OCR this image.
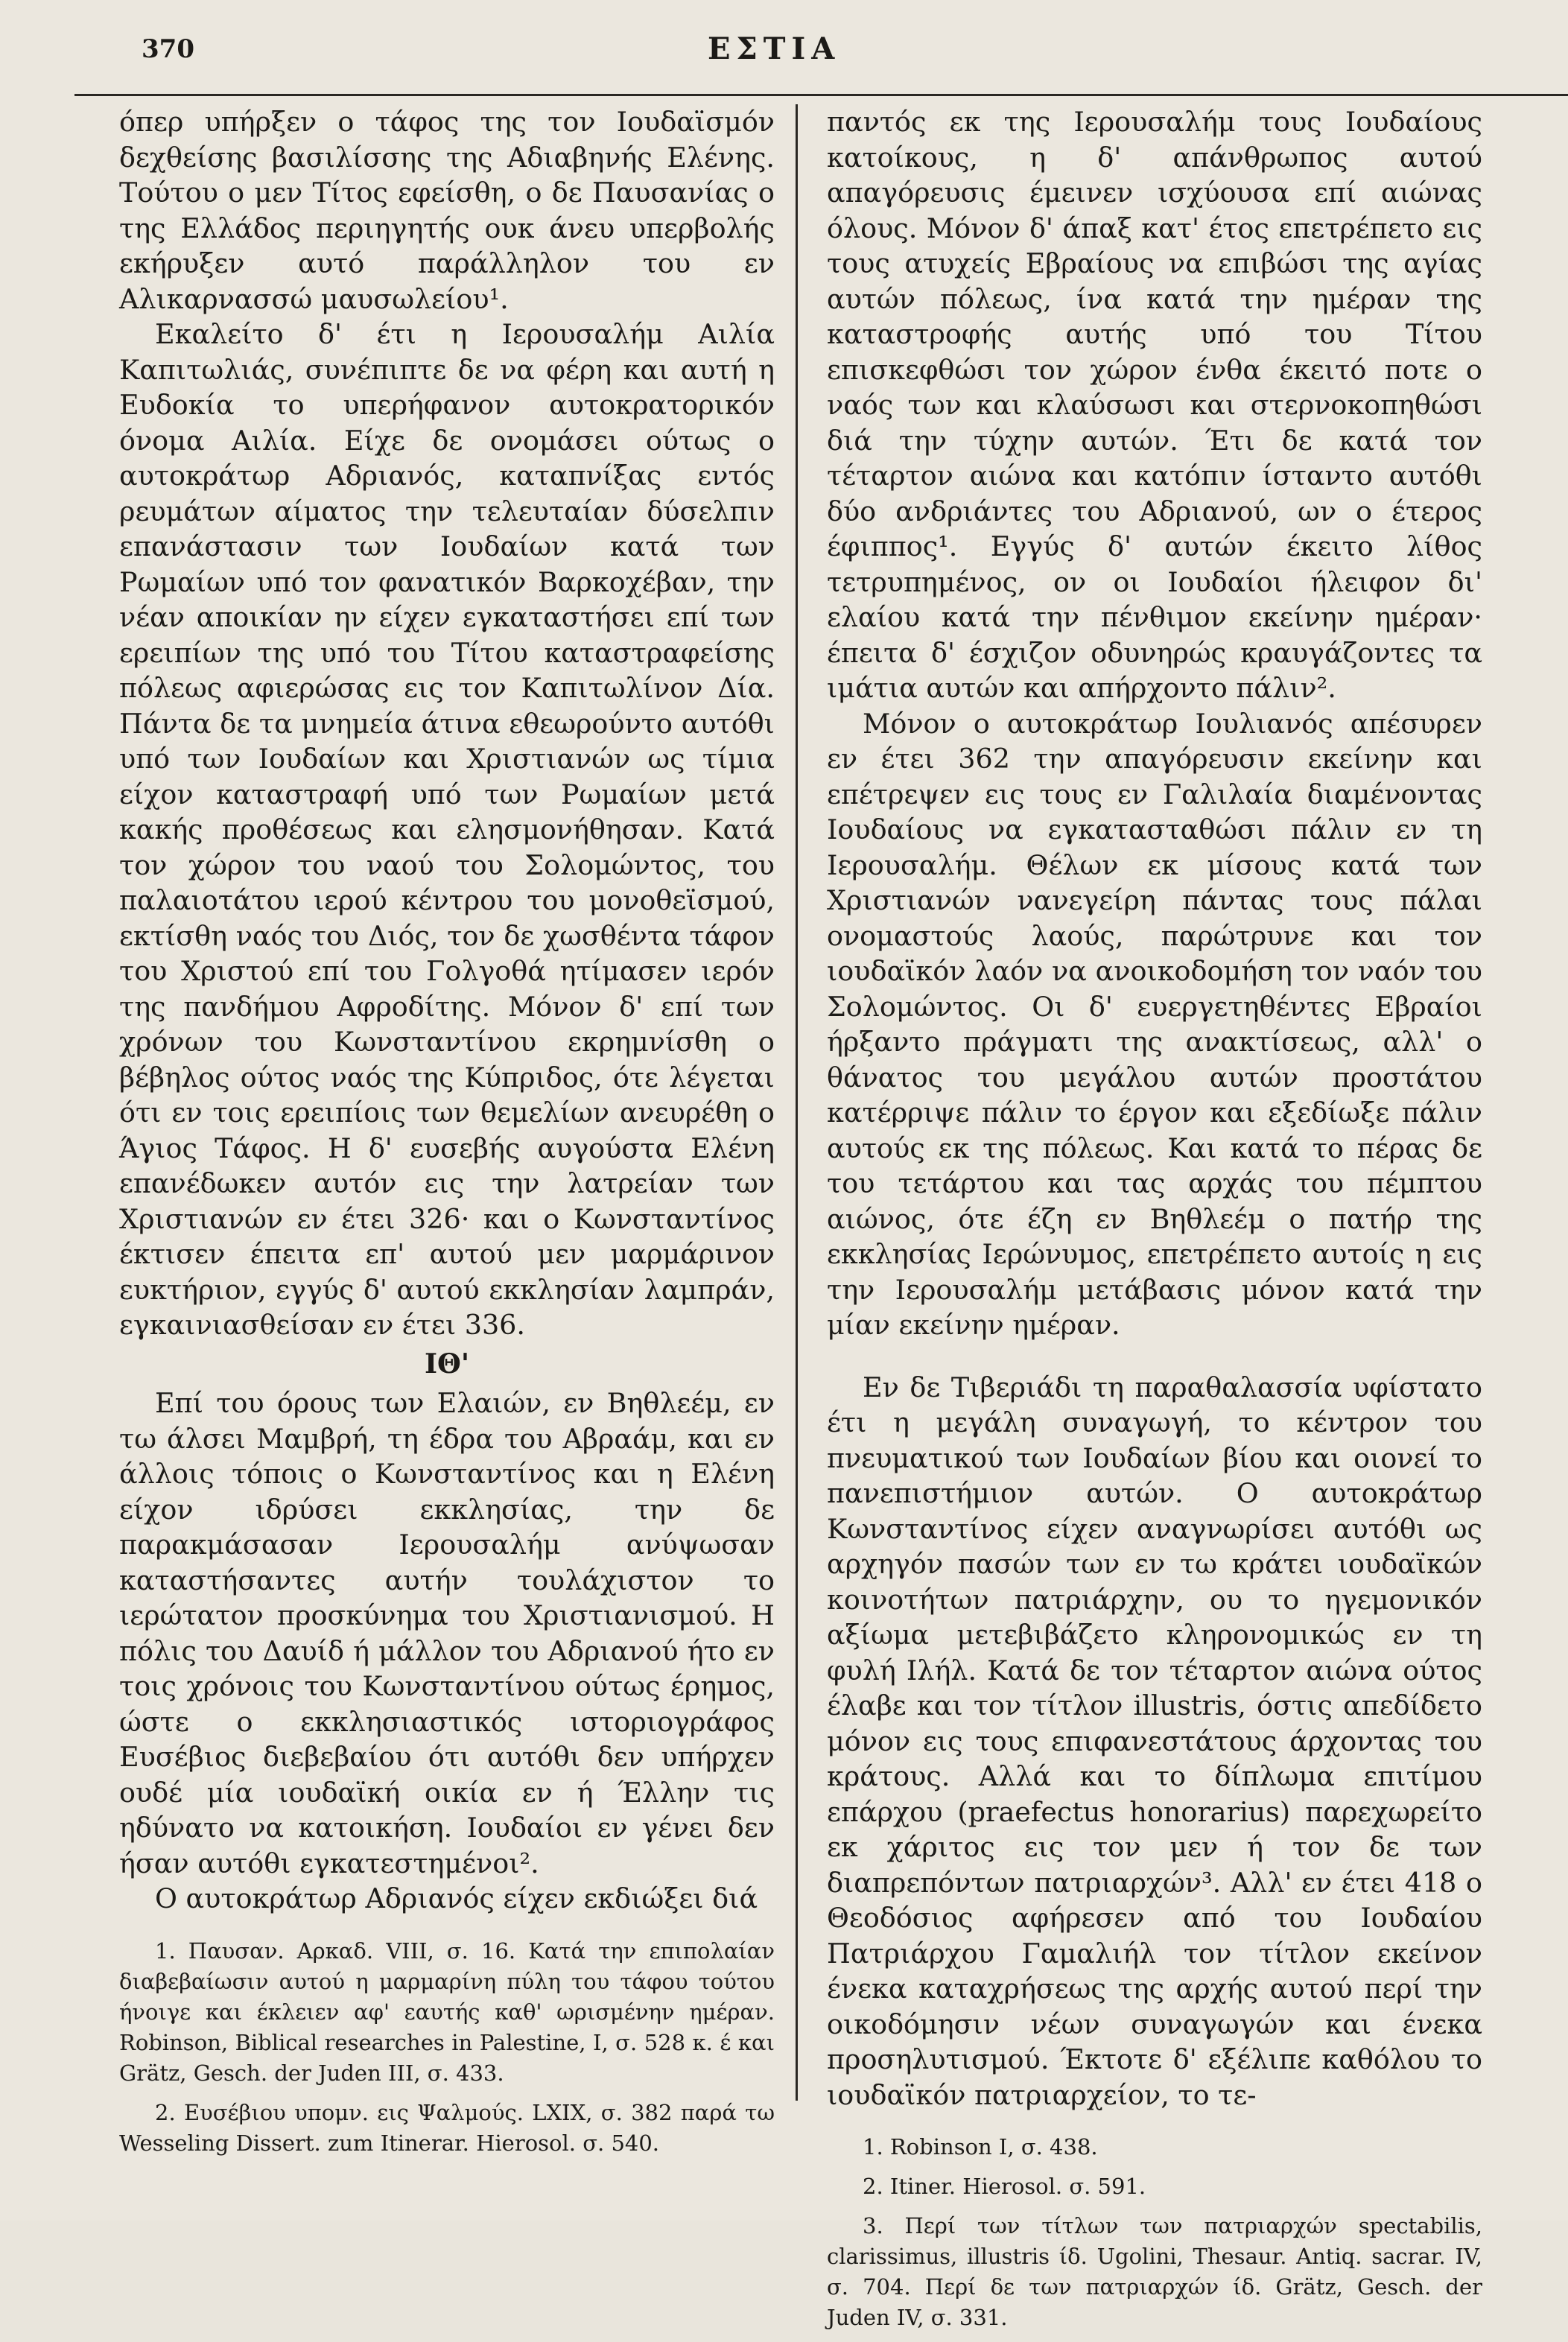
370	ΕΣΤΙΑ

όπερ υπήρξεν ο τάφος της τον Ιουδαϊσμόν δεχθείσης βασιλίσσης της Αδιαβηνής Ελένης. Τούτου ο μεν Τίτος εφείσθη, ο δε Παυσανίας ο της Ελλάδος περιηγητής ουκ άνευ υπερβολής εκήρυξεν αυτό παράλληλον του εν Αλικαρνασσώ μαυσωλείου¹.

Εκαλείτο δ' έτι η Ιερουσαλήμ Αιλία Καπιτωλιάς, συνέπιπτε δε να φέρη και αυτή η Ευδοκία το υπερήφανον αυτοκρατορικόν όνομα Αιλία. Είχε δε ονομάσει ούτως ο αυτοκράτωρ Αδριανός, καταπνίξας εντός ρευμάτων αίματος την τελευταίαν δύσελπιν επανάστασιν των Ιουδαίων κατά των Ρωμαίων υπό τον φανατικόν Βαρκοχέβαν, την νέαν αποικίαν ην είχεν εγκαταστήσει επί των ερειπίων της υπό του Τίτου καταστραφείσης πόλεως αφιερώσας εις τον Καπιτωλίνον Δία. Πάντα δε τα μνημεία άτινα εθεωρούντο αυτόθι υπό των Ιουδαίων και Χριστιανών ως τίμια είχον καταστραφή υπό των Ρωμαίων μετά κακής προθέσεως και ελησμονήθησαν. Κατά τον χώρον του ναού του Σολομώντος, του παλαιοτάτου ιερού κέντρου του μονοθεϊσμού, εκτίσθη ναός του Διός, τον δε χωσθέντα τάφον του Χριστού επί του Γολγοθά ητίμασεν ιερόν της πανδήμου Αφροδίτης. Μόνον δ' επί των χρόνων του Κωνσταντίνου εκρημνίσθη ο βέβηλος ούτος ναός της Κύπριδος, ότε λέγεται ότι εν τοις ερειπίοις των θεμελίων ανευρέθη ο Άγιος Τάφος. Η δ' ευσεβής αυγούστα Ελένη επανέδωκεν αυτόν εις την λατρείαν των Χριστιανών εν έτει 326· και ο Κωνσταντίνος έκτισεν έπειτα επ' αυτού μεν μαρμάρινον ευκτήριον, εγγύς δ' αυτού εκκλησίαν λαμπράν, εγκαινιασθείσαν εν έτει 336.

ΙΘ'

Επί του όρους των Ελαιών, εν Βηθλεέμ, εν τω άλσει Μαμβρή, τη έδρα του Αβραάμ, και εν άλλοις τόποις ο Κωνσταντίνος και η Ελένη είχον ιδρύσει εκκλησίας, την δε παρακμάσασαν Ιερουσαλήμ ανύψωσαν καταστήσαντες αυτήν τουλάχιστον το ιερώτατον προσκύνημα του Χριστιανισμού. Η πόλις του Δαυίδ ή μάλλον του Αδριανού ήτο εν τοις χρόνοις του Κωνσταντίνου ούτως έρημος, ώστε ο εκκλησιαστικός ιστοριογράφος Ευσέβιος διεβεβαίου ότι αυτόθι δεν υπήρχεν ουδέ μία ιουδαϊκή οικία εν ή Έλλην τις ηδύνατο να κατοικήση. Ιουδαίοι εν γένει δεν ήσαν αυτόθι εγκατεστημένοι².

Ο αυτοκράτωρ Αδριανός είχεν εκδιώξει διά

1. Παυσαν. Αρκαδ. VIII, σ. 16. Κατά την επιπολαίαν διαβεβαίωσιν αυτού η μαρμαρίνη πύλη του τάφου τούτου ήνοιγε και έκλειεν αφ' εαυτής καθ' ωρισμένην ημέραν. Robinson, Biblical researches in Palestine, I, σ. 528 κ. έ και Grätz, Gesch. der Juden III, σ. 433.

2. Ευσέβιου υπομν. εις Ψαλμούς. LXIX, σ. 382 παρά τω Wesseling Dissert. zum Itinerar. Hierosol. σ. 540.

παντός εκ της Ιερουσαλήμ τους Ιουδαίους κατοίκους, η δ' απάνθρωπος αυτού απαγόρευσις έμεινεν ισχύουσα επί αιώνας όλους. Μόνον δ' άπαξ κατ' έτος επετρέπετο εις τους ατυχείς Εβραίους να επιβώσι της αγίας αυτών πόλεως, ίνα κατά την ημέραν της καταστροφής αυτής υπό του Τίτου επισκεφθώσι τον χώρον ένθα έκειτό ποτε ο ναός των και κλαύσωσι και στερνοκοπηθώσι διά την τύχην αυτών. Έτι δε κατά τον τέταρτον αιώνα και κατόπιν ίσταντο αυτόθι δύο ανδριάντες του Αδριανού, ων ο έτερος έφιππος¹. Εγγύς δ' αυτών έκειτο λίθος τετρυπημένος, ον οι Ιουδαίοι ήλειφον δι' ελαίου κατά την πένθιμον εκείνην ημέραν· έπειτα δ' έσχιζον οδυνηρώς κραυγάζοντες τα ιμάτια αυτών και απήρχοντο πάλιν².

Μόνον ο αυτοκράτωρ Ιουλιανός απέσυρεν εν έτει 362 την απαγόρευσιν εκείνην και επέτρεψεν εις τους εν Γαλιλαία διαμένοντας Ιουδαίους να εγκατασταθώσι πάλιν εν τη Ιερουσαλήμ. Θέλων εκ μίσους κατά των Χριστιανών νανεγείρη πάντας τους πάλαι ονομαστούς λαούς, παρώτρυνε και τον ιουδαϊκόν λαόν να ανοικοδομήση τον ναόν του Σολομώντος. Οι δ' ευεργετηθέντες Εβραίοι ήρξαντο πράγματι της ανακτίσεως, αλλ' ο θάνατος του μεγάλου αυτών προστάτου κατέρριψε πάλιν το έργον και εξεδίωξε πάλιν αυτούς εκ της πόλεως. Και κατά το πέρας δε του τετάρτου και τας αρχάς του πέμπτου αιώνος, ότε έζη εν Βηθλεέμ ο πατήρ της εκκλησίας Ιερώνυμος, επετρέπετο αυτοίς η εις την Ιερουσαλήμ μετάβασις μόνον κατά την μίαν εκείνην ημέραν.

Εν δε Τιβεριάδι τη παραθαλασσία υφίστατο έτι η μεγάλη συναγωγή, το κέντρον του πνευματικού των Ιουδαίων βίου και οιονεί το πανεπιστήμιον αυτών. Ο αυτοκράτωρ Κωνσταντίνος είχεν αναγνωρίσει αυτόθι ως αρχηγόν πασών των εν τω κράτει ιουδαϊκών κοινοτήτων πατριάρχην, ου το ηγεμονικόν αξίωμα μετεβιβάζετο κληρονομικώς εν τη φυλή Ιλήλ. Κατά δε τον τέταρτον αιώνα ούτος έλαβε και τον τίτλον illustris, όστις απεδίδετο μόνον εις τους επιφανεστάτους άρχοντας του κράτους. Αλλά και το δίπλωμα επιτίμου επάρχου (praefectus honorarius) παρεχωρείτο εκ χάριτος εις τον μεν ή τον δε των διαπρεπόντων πατριαρχών³. Αλλ' εν έτει 418 ο Θεοδόσιος αφήρεσεν από του Ιουδαίου Πατριάρχου Γαμαλιήλ τον τίτλον εκείνον ένεκα καταχρήσεως της αρχής αυτού περί την οικοδόμησιν νέων συναγωγών και ένεκα προσηλυτισμού. Έκτοτε δ' εξέλιπε καθόλου το ιουδαϊκόν πατριαρχείον, το τε-

1. Robinson I, σ. 438.

2. Itiner. Hierosol. σ. 591.

3. Περί των τίτλων των πατριαρχών spectabilis, clarissimus, illustris ίδ. Ugolini, Thesaur. Antiq. sacrar. IV, σ. 704. Περί δε των πατριαρχών ίδ. Grätz, Gesch. der Juden IV, σ. 331.
